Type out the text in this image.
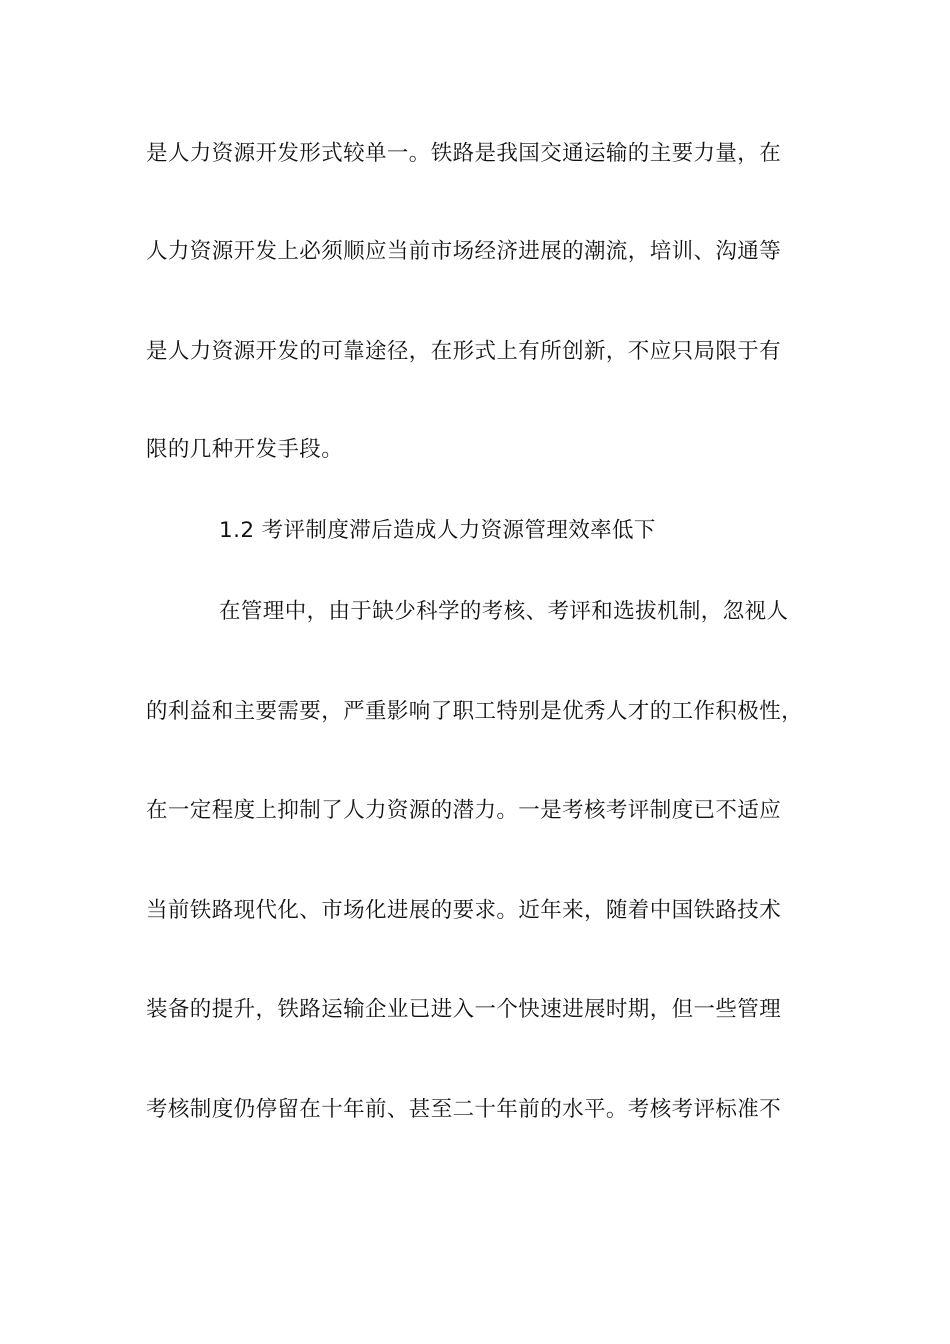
是人力资源开发形式较单一。铁路是我国交通运输的主要力量，在
人力资源开发上必须顺应当前市场经济进展的潮流，培训、沟通等
是人力资源开发的可靠途径，在形式上有所创新，不应只局限于有
限的几种开发手段。
1.2 考评制度滞后造成人力资源管理效率低下
在管理中，由于缺少科学的考核、考评和选拔机制，忽视人
的利益和主要需要，严重影响了职工特别是优秀人才的工作积极性，
在一定程度上抑制了人力资源的潜力。一是考核考评制度已不适应
当前铁路现代化、市场化进展的要求。近年来，随着中国铁路技术
装备的提升，铁路运输企业已进入一个快速进展时期，但一些管理
考核制度仍停留在十年前、甚至二十年前的水平。考核考评标准不
